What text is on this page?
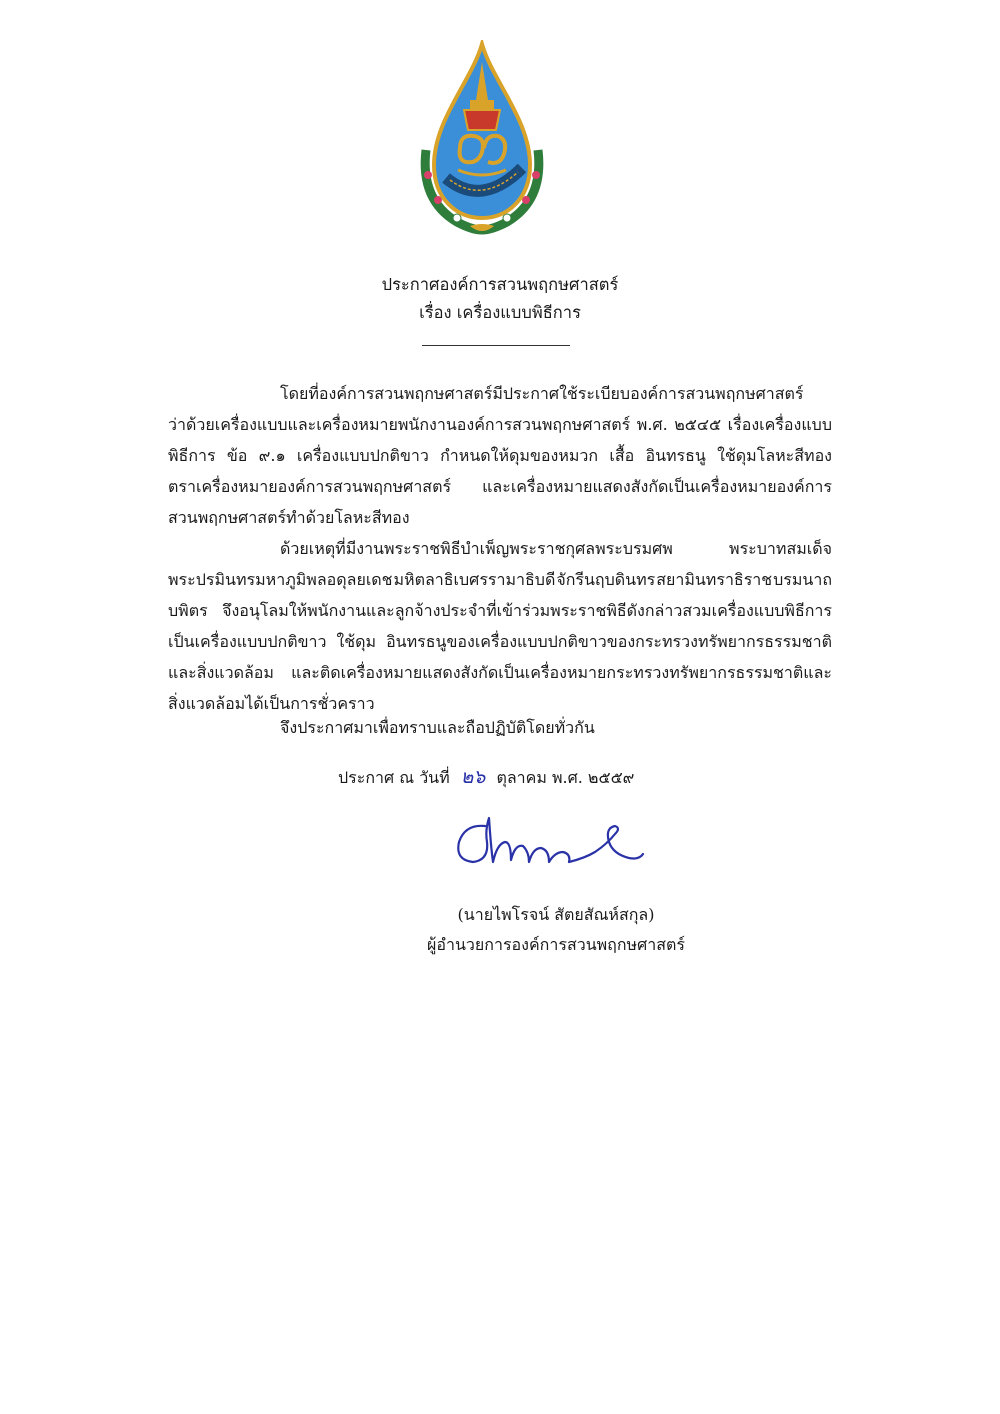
ประกาศองค์การสวนพฤกษศาสตร์
เรื่อง เครื่องแบบพิธีการ
โดยที่องค์การสวนพฤกษศาสตร์มีประกาศใช้ระเบียบองค์การสวนพฤกษศาสตร์
ว่าด้วยเครื่องแบบและเครื่องหมายพนักงานองค์การสวนพฤกษศาสตร์ พ.ศ. ๒๕๔๕ เรื่องเครื่องแบบ
พิธีการ ข้อ ๙.๑ เครื่องแบบปกติขาว กำหนดให้ดุมของหมวก เสื้อ อินทรธนู ใช้ดุมโลหะสีทอง
ตราเครื่องหมายองค์การสวนพฤกษศาสตร์ และเครื่องหมายแสดงสังกัดเป็นเครื่องหมายองค์การ
สวนพฤกษศาสตร์ทำด้วยโลหะสีทอง
ด้วยเหตุที่มีงานพระราชพิธีบำเพ็ญพระราชกุศลพระบรมศพ	พระบาทสมเด็จ
พระปรมินทรมหาภูมิพลอดุลยเดช มหิตลาธิเบศรรามาธิบดี จักรีนฤบดินทร สยามินทราธิราช บรมนาถ
บพิตร จึงอนุโลมให้พนักงานและลูกจ้างประจำที่เข้าร่วมพระราชพิธีดังกล่าวสวมเครื่องแบบพิธีการ
เป็นเครื่องแบบปกติขาว ใช้ดุม อินทรธนูของเครื่องแบบปกติขาวของกระทรวงทรัพยากรธรรมชาติ
และสิ่งแวดล้อม และติดเครื่องหมายแสดงสังกัดเป็นเครื่องหมายกระทรวงทรัพยากรธรรมชาติและ
สิ่งแวดล้อมได้เป็นการชั่วคราว
จึงประกาศมาเพื่อทราบและถือปฏิบัติโดยทั่วกัน
ประกาศ ณ วันที่ ๒๖ ตุลาคม พ.ศ. ๒๕๕๙
(นายไพโรจน์ สัตยสัณห์สกุล)
ผู้อำนวยการองค์การสวนพฤกษศาสตร์
